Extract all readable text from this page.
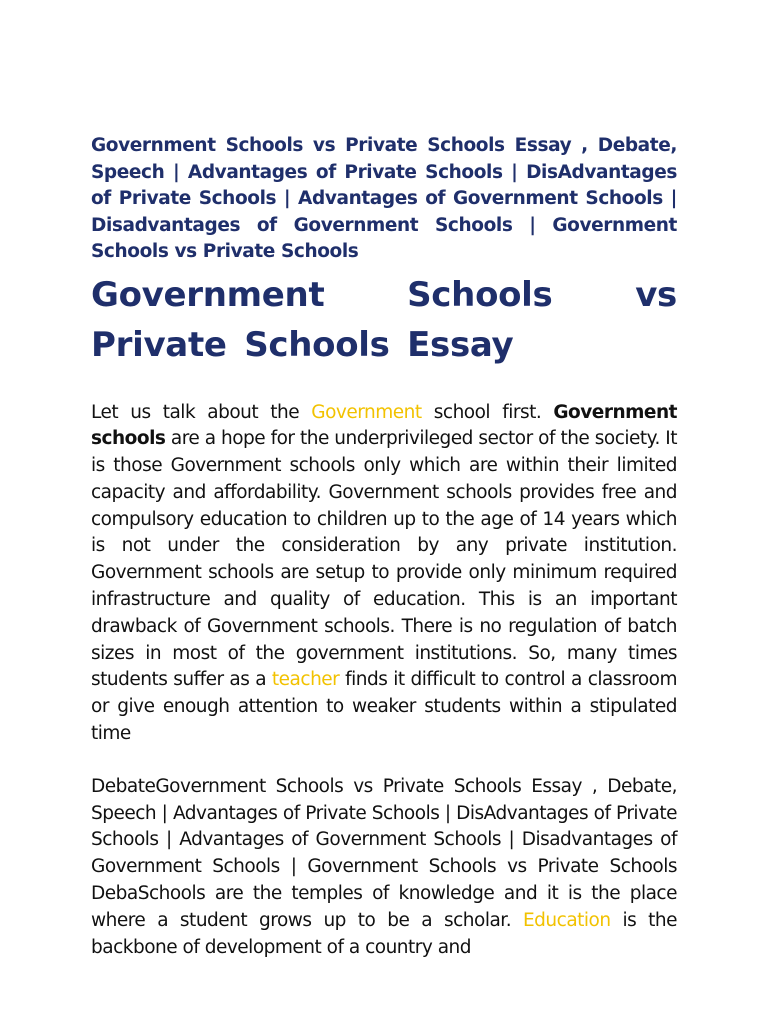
Government Schools vs Private Schools Essay , Debate, Speech | Advantages of Private Schools | DisAdvantages of Private Schools | Advantages of Government Schools | Disadvantages of Government Schools | Government Schools vs Private Schools

Government Schools vs Private Schools Essay

Let us talk about the Government school first. Government schools are a hope for the underprivileged sector of the society. It is those Government schools only which are within their limited capacity and affordability. Government schools provides free and compulsory education to children up to the age of 14 years which is not under the consideration by any private institution. Government schools are setup to provide only minimum required infrastructure and quality of education. This is an important drawback of Government schools. There is no regulation of batch sizes in most of the government institutions. So, many times students suffer as a teacher finds it difficult to control a classroom or give enough attention to weaker students within a stipulated time

DebateGovernment Schools vs Private Schools Essay , Debate, Speech | Advantages of Private Schools | DisAdvantages of Private Schools | Advantages of Government Schools | Disadvantages of Government Schools | Government Schools vs Private Schools DebaSchools are the temples of knowledge and it is the place where a student grows up to be a scholar. Education is the backbone of development of a country and
